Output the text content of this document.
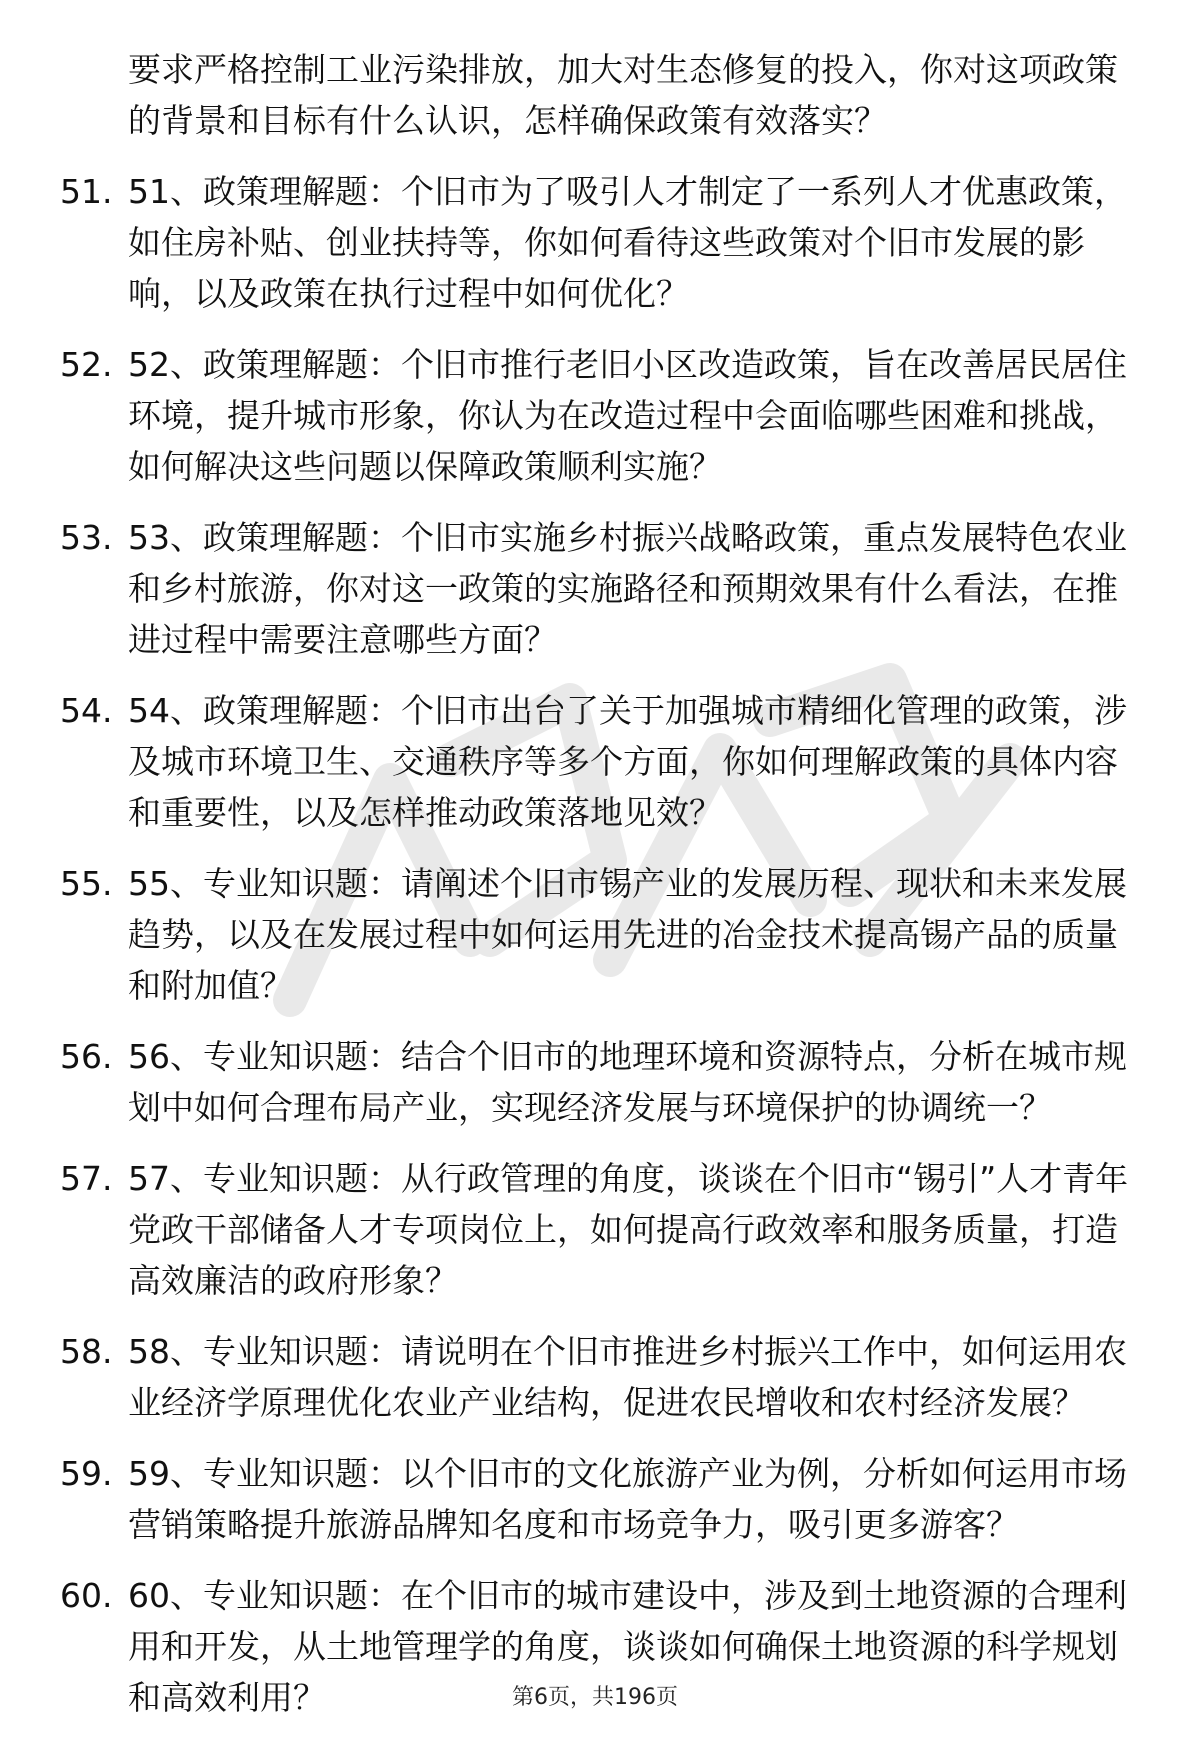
要求严格控制工业污染排放，加大对生态修复的投入，你对这项政策的背景和目标有什么认识，怎样确保政策有效落实？

51. 51、政策理解题：个旧市为了吸引人才制定了一系列人才优惠政策，如住房补贴、创业扶持等，你如何看待这些政策对个旧市发展的影响，以及政策在执行过程中如何优化？
52. 52、政策理解题：个旧市推行老旧小区改造政策，旨在改善居民居住环境，提升城市形象，你认为在改造过程中会面临哪些困难和挑战，如何解决这些问题以保障政策顺利实施？
53. 53、政策理解题：个旧市实施乡村振兴战略政策，重点发展特色农业和乡村旅游，你对这一政策的实施路径和预期效果有什么看法，在推进过程中需要注意哪些方面？
54. 54、政策理解题：个旧市出台了关于加强城市精细化管理的政策，涉及城市环境卫生、交通秩序等多个方面，你如何理解政策的具体内容和重要性，以及怎样推动政策落地见效？
55. 55、专业知识题：请阐述个旧市锡产业的发展历程、现状和未来发展趋势，以及在发展过程中如何运用先进的冶金技术提高锡产品的质量和附加值？
56. 56、专业知识题：结合个旧市的地理环境和资源特点，分析在城市规划中如何合理布局产业，实现经济发展与环境保护的协调统一？
57. 57、专业知识题：从行政管理的角度，谈谈在个旧市“锡引”人才青年党政干部储备人才专项岗位上，如何提高行政效率和服务质量，打造高效廉洁的政府形象？
58. 58、专业知识题：请说明在个旧市推进乡村振兴工作中，如何运用农业经济学原理优化农业产业结构，促进农民增收和农村经济发展？
59. 59、专业知识题：以个旧市的文化旅游产业为例，分析如何运用市场营销策略提升旅游品牌知名度和市场竞争力，吸引更多游客？
60. 60、专业知识题：在个旧市的城市建设中，涉及到土地资源的合理利用和开发，从土地管理学的角度，谈谈如何确保土地资源的科学规划和高效利用？	第6页，共196页
